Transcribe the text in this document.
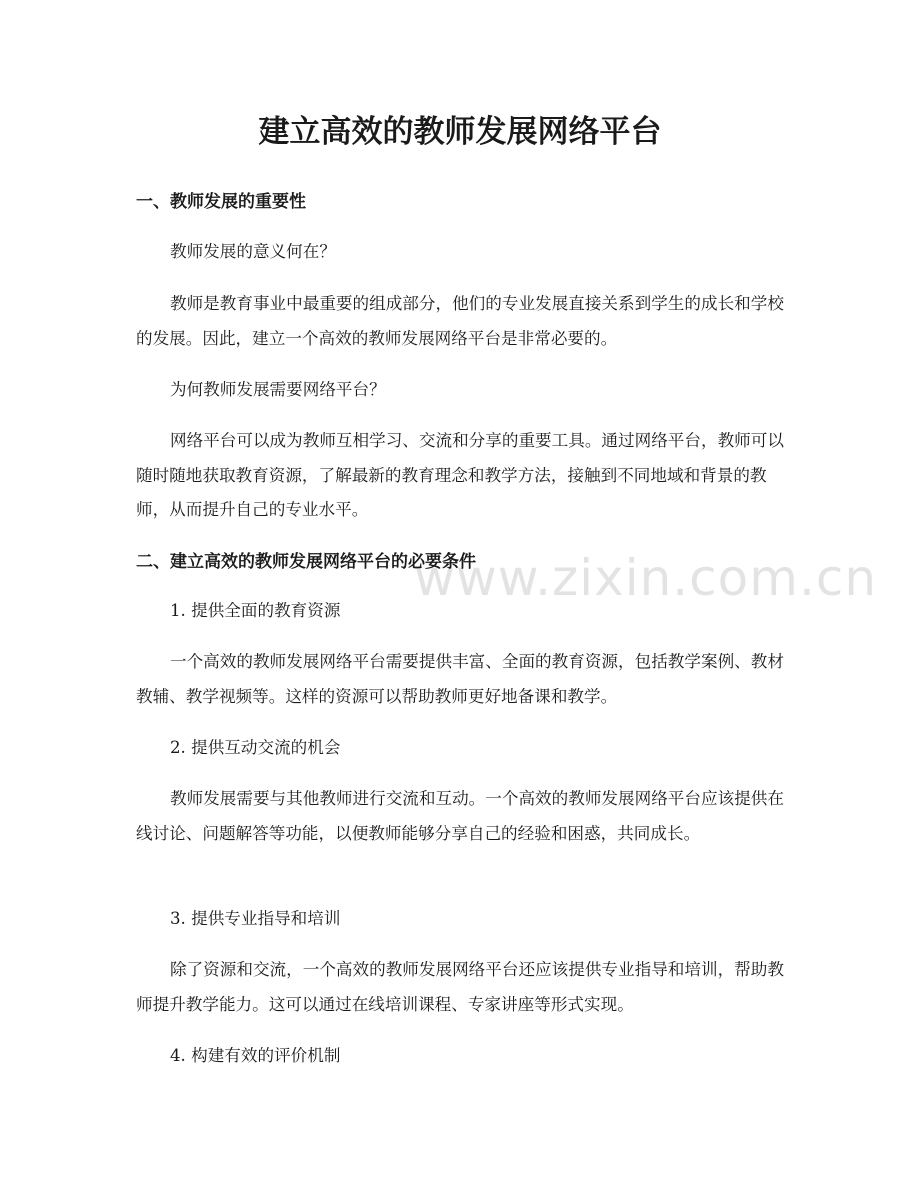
建立高效的教师发展网络平台
一、教师发展的重要性

教师发展的意义何在？

教师是教育事业中最重要的组成部分，他们的专业发展直接关系到学生的成长和学校的发展。因此，建立一个高效的教师发展网络平台是非常必要的。

为何教师发展需要网络平台？

网络平台可以成为教师互相学习、交流和分享的重要工具。通过网络平台，教师可以随时随地获取教育资源，了解最新的教育理念和教学方法，接触到不同地域和背景的教师，从而提升自己的专业水平。

二、建立高效的教师发展网络平台的必要条件

1. 提供全面的教育资源

一个高效的教师发展网络平台需要提供丰富、全面的教育资源，包括教学案例、教材教辅、教学视频等。这样的资源可以帮助教师更好地备课和教学。

2. 提供互动交流的机会

教师发展需要与其他教师进行交流和互动。一个高效的教师发展网络平台应该提供在线讨论、问题解答等功能，以便教师能够分享自己的经验和困惑，共同成长。

3. 提供专业指导和培训

除了资源和交流，一个高效的教师发展网络平台还应该提供专业指导和培训，帮助教师提升教学能力。这可以通过在线培训课程、专家讲座等形式实现。

4. 构建有效的评价机制

www.zixin.com.cn
